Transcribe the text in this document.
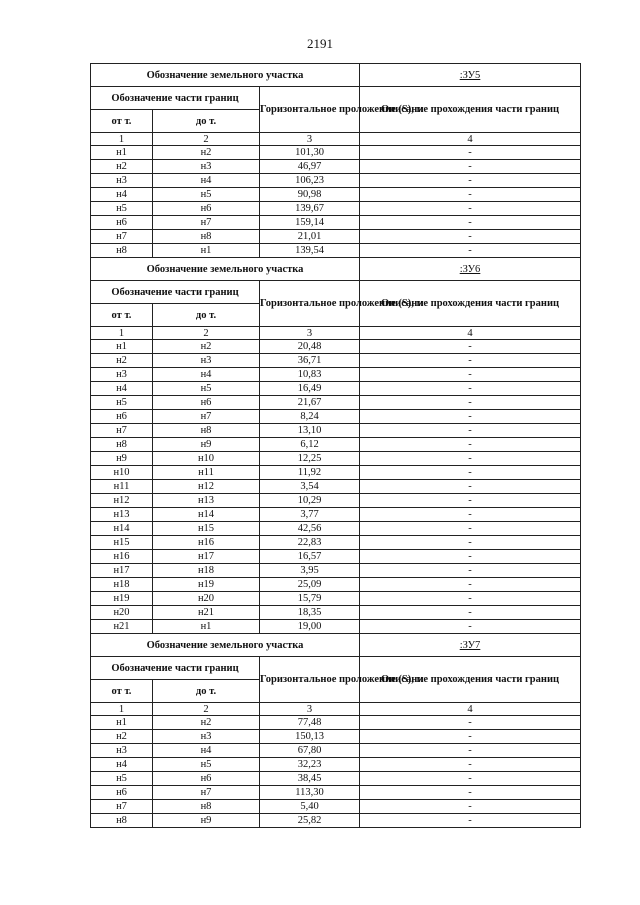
2191
Обозначение земельного участка			:ЗУ5
Обозначение части границ		Горизонтальное проложение (S), м	Описание прохождения части границ
от т.	до т.		
1	2	3	4
н1	н2	101,30	-
н2	н3	46,97	-
н3	н4	106,23	-
н4	н5	90,98	-
н5	н6	139,67	-
н6	н7	159,14	-
н7	н8	21,01	-
н8	н1	139,54	-
Обозначение земельного участка			:ЗУ6
Обозначение части границ		Горизонтальное проложение (S), м	Описание прохождения части границ
от т.	до т.		
1	2	3	4
н1	н2	20,48	-
н2	н3	36,71	-
н3	н4	10,83	-
н4	н5	16,49	-
н5	н6	21,67	-
н6	н7	8,24	-
н7	н8	13,10	-
н8	н9	6,12	-
н9	н10	12,25	-
н10	н11	11,92	-
н11	н12	3,54	-
н12	н13	10,29	-
н13	н14	3,77	-
н14	н15	42,56	-
н15	н16	22,83	-
н16	н17	16,57	-
н17	н18	3,95	-
н18	н19	25,09	-
н19	н20	15,79	-
н20	н21	18,35	-
н21	н1	19,00	-
Обозначение земельного участка			:ЗУ7
Обозначение части границ		Горизонтальное проложение (S), м	Описание прохождения части границ
от т.	до т.		
1	2	3	4
н1	н2	77,48	-
н2	н3	150,13	-
н3	н4	67,80	-
н4	н5	32,23	-
н5	н6	38,45	-
н6	н7	113,30	-
н7	н8	5,40	-
н8	н9	25,82	-
